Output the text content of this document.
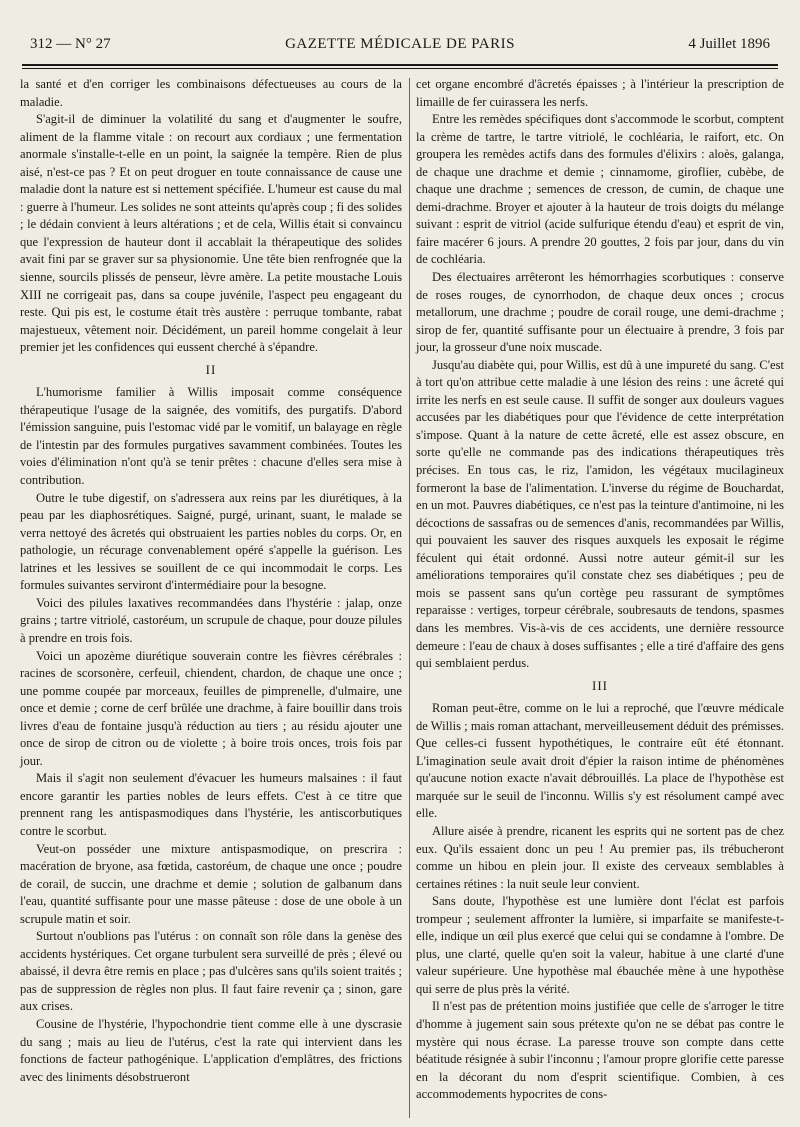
312 — N° 27	GAZETTE MÉDICALE DE PARIS	4 Juillet 1896

la santé et d'en corriger les combinaisons défectueuses au cours de la maladie.

S'agit-il de diminuer la volatilité du sang et d'augmenter le soufre, aliment de la flamme vitale : on recourt aux cordiaux ; une fermentation anormale s'installe-t-elle en un point, la saignée la tempère. Rien de plus aisé, n'est-ce pas ? Et on peut droguer en toute connaissance de cause une maladie dont la nature est si nettement spécifiée. L'humeur est cause du mal : guerre à l'humeur. Les solides ne sont atteints qu'après coup ; fi des solides ; le dédain convient à leurs altérations ; et de cela, Willis était si convaincu que l'expression de hauteur dont il accablait la thérapeutique des solides avait fini par se graver sur sa physionomie. Une tête bien renfrognée que la sienne, sourcils plissés de penseur, lèvre amère. La petite moustache Louis XIII ne corrigeait pas, dans sa coupe juvénile, l'aspect peu engageant du reste. Qui pis est, le costume était très austère : perruque tombante, rabat majestueux, vêtement noir. Décidément, un pareil homme congelait à leur premier jet les confidences qui eussent cherché à s'épandre.

II

L'humorisme familier à Willis imposait comme conséquence thérapeutique l'usage de la saignée, des vomitifs, des purgatifs. D'abord l'émission sanguine, puis l'estomac vidé par le vomitif, un balayage en règle de l'intestin par des formules purgatives savamment combinées. Toutes les voies d'élimination n'ont qu'à se tenir prêtes : chacune d'elles sera mise à contribution.

Outre le tube digestif, on s'adressera aux reins par les diurétiques, à la peau par les diaphosrétiques. Saigné, purgé, urinant, suant, le malade se verra nettoyé des âcretés qui obstruaient les parties nobles du corps. Or, en pathologie, un récurage convenablement opéré s'appelle la guérison. Les latrines et les lessives se souillent de ce qui incommodait le corps. Les formules suivantes serviront d'intermédiaire pour la besogne.

Voici des pilules laxatives recommandées dans l'hystérie : jalap, onze grains ; tartre vitriolé, castoréum, un scrupule de chaque, pour douze pilules à prendre en trois fois.

Voici un apozème diurétique souverain contre les fièvres cérébrales : racines de scorsonère, cerfeuil, chiendent, chardon, de chaque une once ; une pomme coupée par morceaux, feuilles de pimprenelle, d'ulmaire, une once et demie ; corne de cerf brûlée une drachme, à faire bouillir dans trois livres d'eau de fontaine jusqu'à réduction au tiers ; au résidu ajouter une once de sirop de citron ou de violette ; à boire trois onces, trois fois par jour.

Mais il s'agit non seulement d'évacuer les humeurs malsaines : il faut encore garantir les parties nobles de leurs effets. C'est à ce titre que prennent rang les antispasmodiques dans l'hystérie, les antiscorbutiques contre le scorbut.

Veut-on posséder une mixture antispasmodique, on prescrira : macération de bryone, asa fœtida, castoréum, de chaque une once ; poudre de corail, de succin, une drachme et demie ; solution de galbanum dans l'eau, quantité suffisante pour une masse pâteuse : dose de une obole à un scrupule matin et soir.

Surtout n'oublions pas l'utérus : on connaît son rôle dans la genèse des accidents hystériques. Cet organe turbulent sera surveillé de près ; élevé ou abaissé, il devra être remis en place ; pas d'ulcères sans qu'ils soient traités ; pas de suppression de règles non plus. Il faut faire revenir ça ; sinon, gare aux crises.

Cousine de l'hystérie, l'hypochondrie tient comme elle à une dyscrasie du sang ; mais au lieu de l'utérus, c'est la rate qui intervient dans les fonctions de facteur pathogénique. L'application d'emplâtres, des frictions avec des liniments désobstrueront

cet organe encombré d'âcretés épaisses ; à l'intérieur la prescription de limaille de fer cuirassera les nerfs.

Entre les remèdes spécifiques dont s'accommode le scorbut, comptent la crème de tartre, le tartre vitriolé, le cochléaria, le raifort, etc. On groupera les remèdes actifs dans des formules d'élixirs : aloès, galanga, de chaque une drachme et demie ; cinnamome, giroflier, cubèbe, de chaque une drachme ; semences de cresson, de cumin, de chaque une demi-drachme. Broyer et ajouter à la hauteur de trois doigts du mélange suivant : esprit de vitriol (acide sulfurique étendu d'eau) et esprit de vin, faire macérer 6 jours. A prendre 20 gouttes, 2 fois par jour, dans du vin de cochléaria.

Des électuaires arrêteront les hémorrhagies scorbutiques : conserve de roses rouges, de cynorrhodon, de chaque deux onces ; crocus metallorum, une drachme ; poudre de corail rouge, une demi-drachme ; sirop de fer, quantité suffisante pour un électuaire à prendre, 3 fois par jour, la grosseur d'une noix muscade.

Jusqu'au diabète qui, pour Willis, est dû à une impureté du sang. C'est à tort qu'on attribue cette maladie à une lésion des reins : une âcreté qui irrite les nerfs en est seule cause. Il suffit de songer aux douleurs vagues accusées par les diabétiques pour que l'évidence de cette interprétation s'impose. Quant à la nature de cette âcreté, elle est assez obscure, en sorte qu'elle ne commande pas des indications thérapeutiques très précises. En tous cas, le riz, l'amidon, les végétaux mucilagineux formeront la base de l'alimentation. L'inverse du régime de Bouchardat, en un mot. Pauvres diabétiques, ce n'est pas la teinture d'antimoine, ni les décoctions de sassafras ou de semences d'anis, recommandées par Willis, qui pouvaient les sauver des risques auxquels les exposait le régime féculent qui était ordonné. Aussi notre auteur gémit-il sur les améliorations temporaires qu'il constate chez ses diabétiques ; peu de mois se passent sans qu'un cortège peu rassurant de symptômes reparaisse : vertiges, torpeur cérébrale, soubresauts de tendons, spasmes dans les membres. Vis-à-vis de ces accidents, une dernière ressource demeure : l'eau de chaux à doses suffisantes ; elle a tiré d'affaire des gens qui semblaient perdus.

III

Roman peut-être, comme on le lui a reproché, que l'œuvre médicale de Willis ; mais roman attachant, merveilleusement déduit des prémisses. Que celles-ci fussent hypothétiques, le contraire eût été étonnant. L'imagination seule avait droit d'épier la raison intime de phénomènes qu'aucune notion exacte n'avait débrouillés. La place de l'hypothèse est marquée sur le seuil de l'inconnu. Willis s'y est résolument campé avec elle.

Allure aisée à prendre, ricanent les esprits qui ne sortent pas de chez eux. Qu'ils essaient donc un peu ! Au premier pas, ils trébucheront comme un hibou en plein jour. Il existe des cerveaux semblables à certaines rétines : la nuit seule leur convient.

Sans doute, l'hypothèse est une lumière dont l'éclat est parfois trompeur ; seulement affronter la lumière, si imparfaite se manifeste-t-elle, indique un œil plus exercé que celui qui se condamne à l'ombre. De plus, une clarté, quelle qu'en soit la valeur, habitue à une clarté d'une valeur supérieure. Une hypothèse mal ébauchée mène à une hypothèse qui serre de plus près la vérité.

Il n'est pas de prétention moins justifiée que celle de s'arroger le titre d'homme à jugement sain sous prétexte qu'on ne se débat pas contre le mystère qui nous écrase. La paresse trouve son compte dans cette béatitude résignée à subir l'inconnu ; l'amour propre glorifie cette paresse en la décorant du nom d'esprit scientifique. Combien, à ces accommodements hypocrites de cons-
